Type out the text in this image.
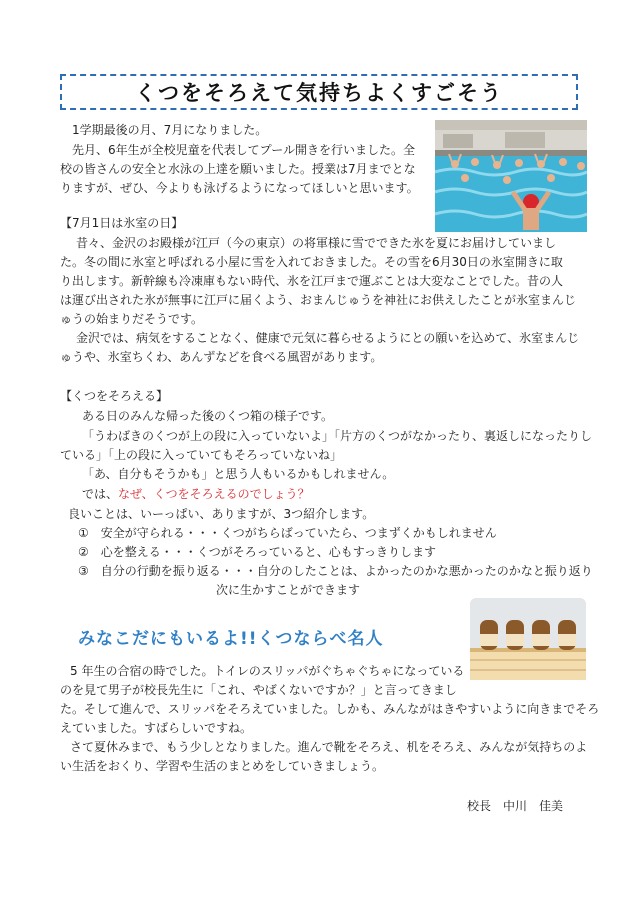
くつをそろえて気持ちよくすごそう
1学期最後の月、7月になりました。
先月、6年生が全校児童を代表してプール開きを行いました。全
校の皆さんの安全と水泳の上達を願いました。授業は7月までとな
りますが、ぜひ、今よりも泳げるようになってほしいと思います。
【7月1日は氷室の日】
昔々、金沢のお殿様が江戸（今の東京）の将軍様に雪でできた氷を夏にお届けしていまし
た。冬の間に氷室と呼ばれる小屋に雪を入れておきました。その雪を6月30日の氷室開きに取
り出します。新幹線も冷凍庫もない時代、氷を江戸まで運ぶことは大変なことでした。昔の人
は運び出された氷が無事に江戸に届くよう、おまんじゅうを神社にお供えしたことが氷室まんじ
ゅうの始まりだそうです。
金沢では、病気をすることなく、健康で元気に暮らせるようにとの願いを込めて、氷室まんじ
ゅうや、氷室ちくわ、あんずなどを食べる風習があります。
【くつをそろえる】
ある日のみんな帰った後のくつ箱の様子です。
「うわばきのくつが上の段に入っていないよ」「片方のくつがなかったり、裏返しになったりし
ている」「上の段に入っていてもそろっていないね」
「あ、自分もそうかも」と思う人もいるかもしれません。
では、なぜ、くつをそろえるのでしょう？
良いことは、いーっぱい、ありますが、3つ紹介します。
①　安全が守られる・・・くつがちらばっていたら、つまずくかもしれません
②　心を整える・・・くつがそろっていると、心もすっきりします
③　自分の行動を振り返る・・・自分のしたことは、よかったのかな悪かったのかなと振り返り
次に生かすことができます
みなこだにもいるよ!!くつならべ名人
5 年生の合宿の時でした。トイレのスリッパがぐちゃぐちゃになっている
のを見て男子が校長先生に「これ、やばくないですか？」と言ってきまし
た。そして進んで、スリッパをそろえていました。しかも、みんながはきやすいように向きまでそろ
えていました。すばらしいですね。
さて夏休みまで、もう少しとなりました。進んで靴をそろえ、机をそろえ、みんなが気持ちのよ
い生活をおくり、学習や生活のまとめをしていきましょう。
校長　中川　佳美
